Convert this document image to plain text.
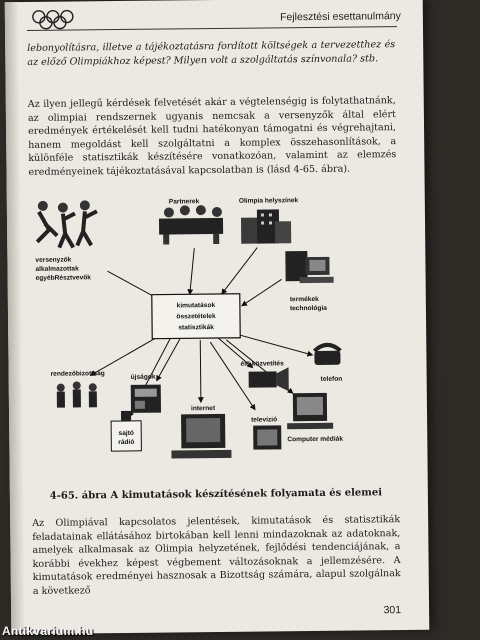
Fejlesztési esettanulmány

lebonyolításra, illetve a tájékoztatásra fordított költségek a tervezetthez és az előző Olimpiákhoz képest? Milyen volt a szolgáltatás színvonala? stb.

Az ilyen jellegű kérdések felvetését akár a végtelenségig is folytathatnánk, az olimpiai rendszernek ugyanis nemcsak a versenyzők által elért eredmények értékelését kell tudni hatékonyan támogatni és végrehajtani, hanem megoldást kell szolgáltatni a komplex összehasonlítások, a különféle statisztikák készítésére vonatkozóan, valamint az elemzés eredményeinek tájékoztatásával kapcsolatban is (lásd 4-65. ábra).

kimutatások
összetételek
statisztikák
Partnerek	Olimpia helyszínek
versenyzők
alkalmazottak
egyébRésztvevők
termékek
technológia
rendezőbizottság	újságok
sajtó
rádió
internet
élő közvetítés
televízió
telefon
Computer médiák
4-65. ábra A kimutatások készítésének folyamata és elemei

Az Olimpiával kapcsolatos jelentések, kimutatások és statisztikák feladatainak ellátásához birtokában kell lenni mindazoknak az adatoknak, amelyek alkalmasak az Olimpia helyzetének, fejlődési tendenciájának, a korábbi évekhez képest végbement változásoknak a jellemzésére. A kimutatások eredményei hasznosak a Bizottság számára, alapul szolgálnak a következő

301
Antikvarium.hu
